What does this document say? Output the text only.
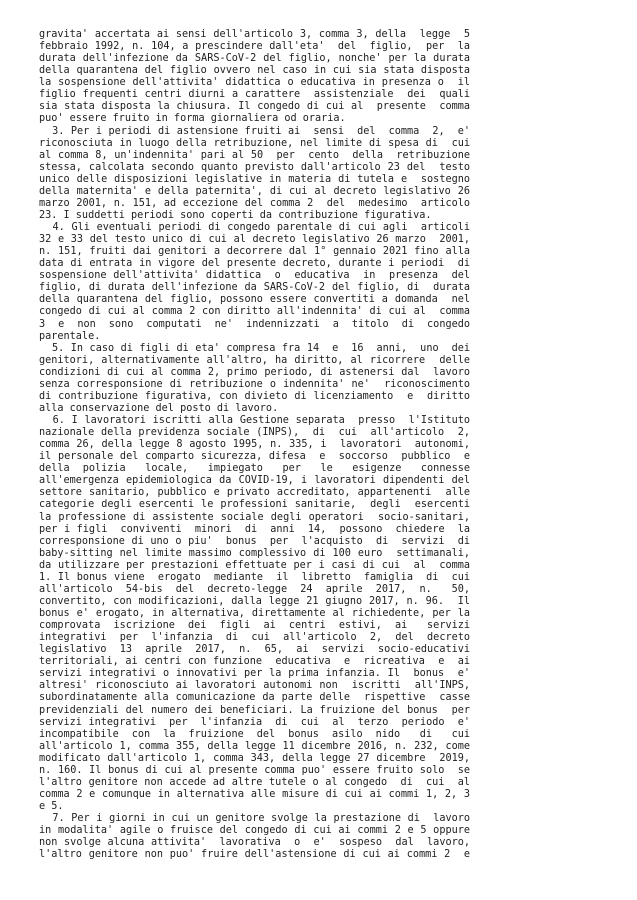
gravita' accertata ai sensi dell'articolo 3, comma 3, della  legge  5
febbraio 1992, n. 104, a prescindere dall'eta'  del  figlio,  per  la
durata dell'infezione da SARS-CoV-2 del figlio, nonche' per la durata
della quarantena del figlio ovvero nel caso in cui sia stata disposta
la sospensione dell'attivita' didattica o educativa in presenza o  il
figlio frequenti centri diurni a carattere  assistenziale  dei  quali
sia stata disposta la chiusura. Il congedo di cui al  presente  comma
puo' essere fruito in forma giornaliera od oraria.
3. Per i periodi di astensione fruiti ai  sensi  del  comma  2,  e'
riconosciuta in luogo della retribuzione, nel limite di spesa di  cui
al comma 8, un'indennita' pari al 50  per  cento  della  retribuzione
stessa, calcolata secondo quanto previsto dall'articolo 23 del  testo
unico delle disposizioni legislative in materia di tutela e  sostegno
della maternita' e della paternita', di cui al decreto legislativo 26
marzo 2001, n. 151, ad eccezione del comma 2  del  medesimo  articolo
23. I suddetti periodi sono coperti da contribuzione figurativa.
4. Gli eventuali periodi di congedo parentale di cui agli  articoli
32 e 33 del testo unico di cui al decreto legislativo 26 marzo  2001,
n. 151, fruiti dai genitori a decorrere dal 1° gennaio 2021 fino alla
data di entrata in vigore del presente decreto, durante i periodi  di
sospensione dell'attivita' didattica  o  educativa  in  presenza  del
figlio, di durata dell'infezione da SARS-CoV-2 del figlio, di  durata
della quarantena del figlio, possono essere convertiti a domanda  nel
congedo di cui al comma 2 con diritto all'indennita' di cui al  comma
3  e  non  sono  computati  ne'  indennizzati  a  titolo  di  congedo
parentale.
5. In caso di figli di eta' compresa fra 14  e  16  anni,  uno  dei
genitori, alternativamente all'altro, ha diritto, al ricorrere  delle
condizioni di cui al comma 2, primo periodo, di astenersi dal  lavoro
senza corresponsione di retribuzione o indennita' ne'  riconoscimento
di contribuzione figurativa, con divieto di licenziamento  e  diritto
alla conservazione del posto di lavoro.
6. I lavoratori iscritti alla Gestione separata  presso  l'Istituto
nazionale della previdenza sociale (INPS),  di  cui  all'articolo  2,
comma 26, della legge 8 agosto 1995, n. 335, i  lavoratori  autonomi,
il personale del comparto sicurezza, difesa  e  soccorso  pubblico  e
della  polizia   locale,   impiegato   per   le   esigenze   connesse
all'emergenza epidemiologica da COVID-19, i lavoratori dipendenti del
settore sanitario, pubblico e privato accreditato, appartenenti  alle
categorie degli esercenti le professioni sanitarie,  degli  esercenti
la professione di assistente sociale degli operatori  socio-sanitari,
per i figli  conviventi  minori  di  anni  14,  possono  chiedere  la
corresponsione di uno o piu'  bonus  per  l'acquisto  di  servizi  di
baby-sitting nel limite massimo complessivo di 100 euro  settimanali,
da utilizzare per prestazioni effettuate per i casi di cui  al  comma
1. Il bonus viene  erogato  mediante  il  libretto  famiglia  di  cui
all'articolo  54-bis  del  decreto-legge  24  aprile  2017,  n.   50,
convertito, con modificazioni, dalla legge 21 giugno 2017, n. 96.  Il
bonus e' erogato, in alternativa, direttamente al richiedente, per la
comprovata  iscrizione  dei  figli  ai  centri  estivi,  ai   servizi
integrativi  per  l'infanzia  di  cui  all'articolo  2,  del  decreto
legislativo  13  aprile  2017,  n.  65,  ai  servizi  socio-educativi
territoriali, ai centri con funzione  educativa  e  ricreativa  e  ai
servizi integrativi o innovativi per la prima infanzia. Il  bonus  e'
altresi' riconosciuto ai lavoratori autonomi non  iscritti  all'INPS,
subordinatamente alla comunicazione da parte delle  rispettive  casse
previdenziali del numero dei beneficiari. La fruizione del bonus  per
servizi integrativi  per  l'infanzia  di  cui  al  terzo  periodo  e'
incompatibile  con  la  fruizione  del  bonus  asilo  nido   di   cui
all'articolo 1, comma 355, della legge 11 dicembre 2016, n. 232, come
modificato dall'articolo 1, comma 343, della legge 27 dicembre  2019,
n. 160. Il bonus di cui al presente comma puo' essere fruito solo  se
l'altro genitore non accede ad altre tutele o al congedo  di  cui  al
comma 2 e comunque in alternativa alle misure di cui ai commi 1, 2, 3
e 5.
7. Per i giorni in cui un genitore svolge la prestazione di  lavoro
in modalita' agile o fruisce del congedo di cui ai commi 2 e 5 oppure
non svolge alcuna attivita'  lavorativa  o  e'  sospeso  dal  lavoro,
l'altro genitore non puo' fruire dell'astensione di cui ai commi 2  e
